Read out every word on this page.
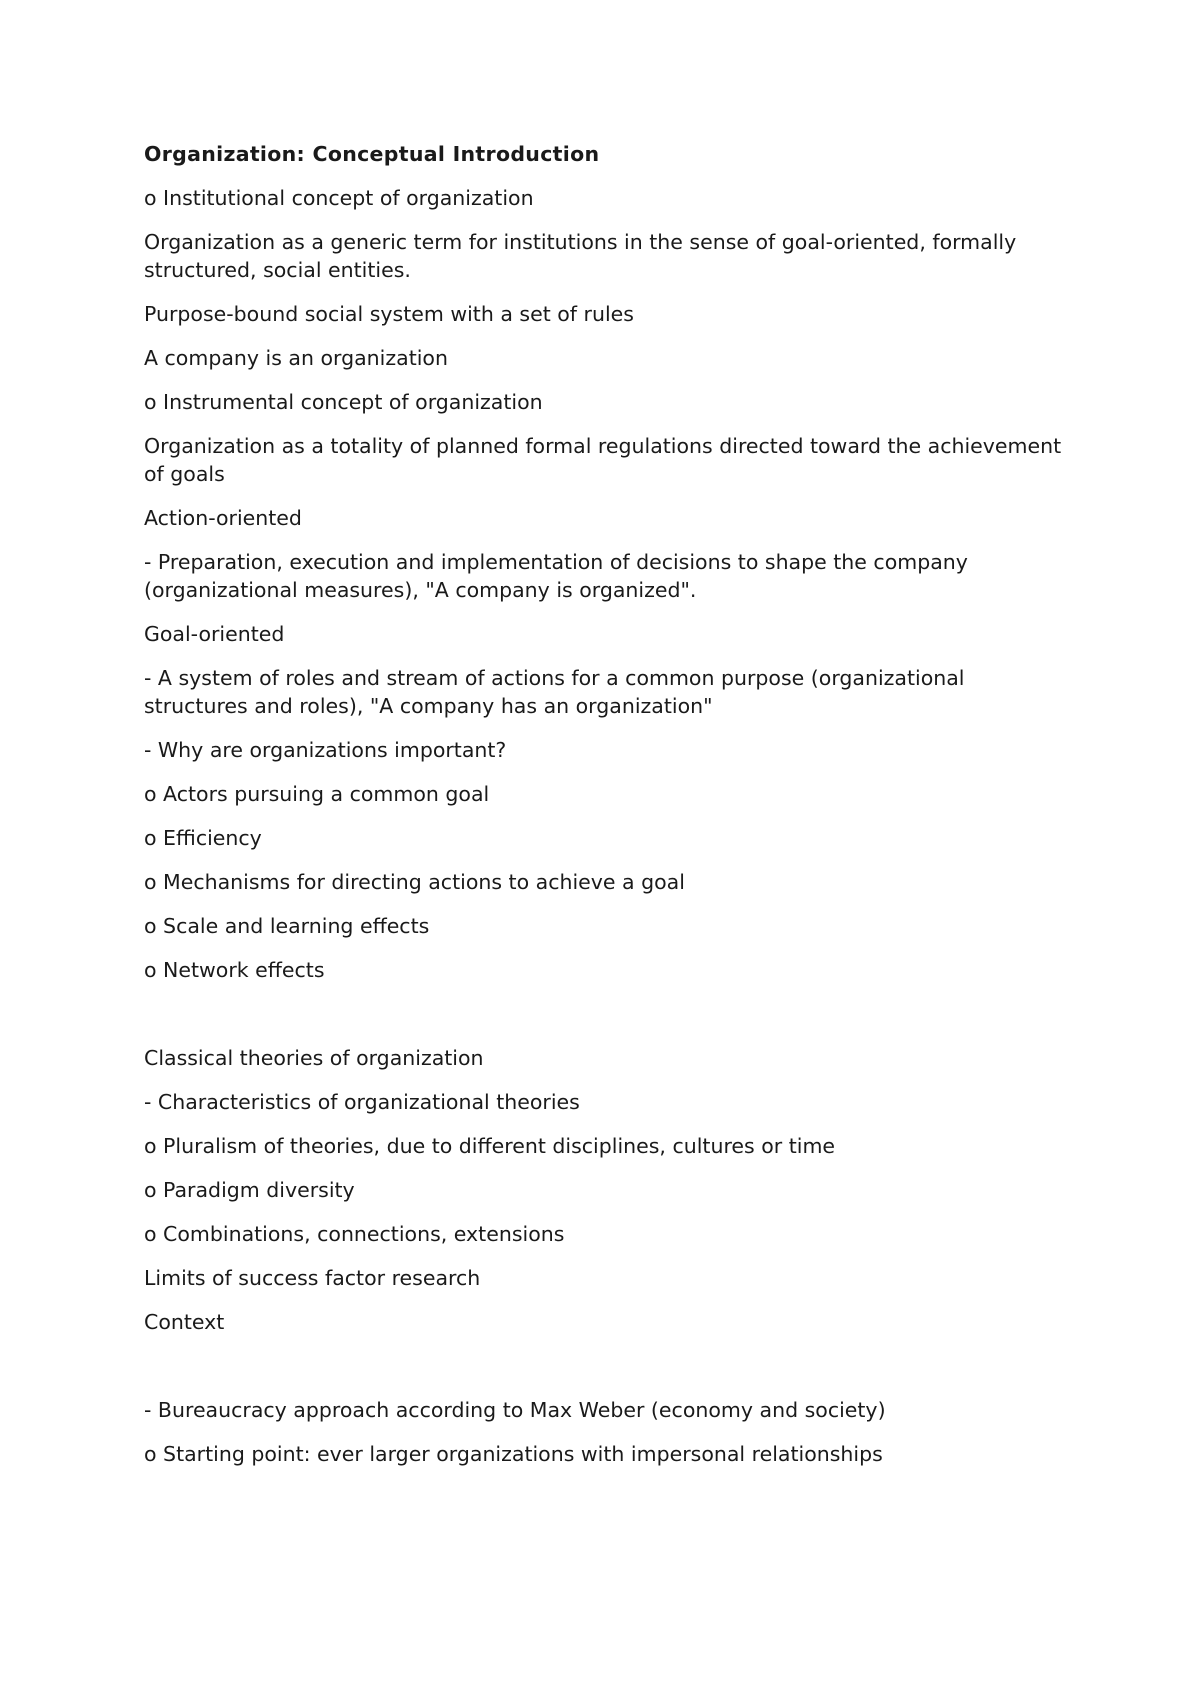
Organization: Conceptual Introduction
o Institutional concept of organization
Organization as a generic term for institutions in the sense of goal-oriented, formally structured, social entities.
Purpose-bound social system with a set of rules
A company is an organization
o Instrumental concept of organization
Organization as a totality of planned formal regulations directed toward the achievement of goals
Action-oriented
- Preparation, execution and implementation of decisions to shape the company (organizational measures), "A company is organized".
Goal-oriented
- A system of roles and stream of actions for a common purpose (organizational structures and roles), "A company has an organization"
- Why are organizations important?
o Actors pursuing a common goal
o Efficiency
o Mechanisms for directing actions to achieve a goal
o Scale and learning effects
o Network effects
Classical theories of organization
- Characteristics of organizational theories
o Pluralism of theories, due to different disciplines, cultures or time
o Paradigm diversity
o Combinations, connections, extensions
Limits of success factor research
Context
- Bureaucracy approach according to Max Weber (economy and society)
o Starting point: ever larger organizations with impersonal relationships
